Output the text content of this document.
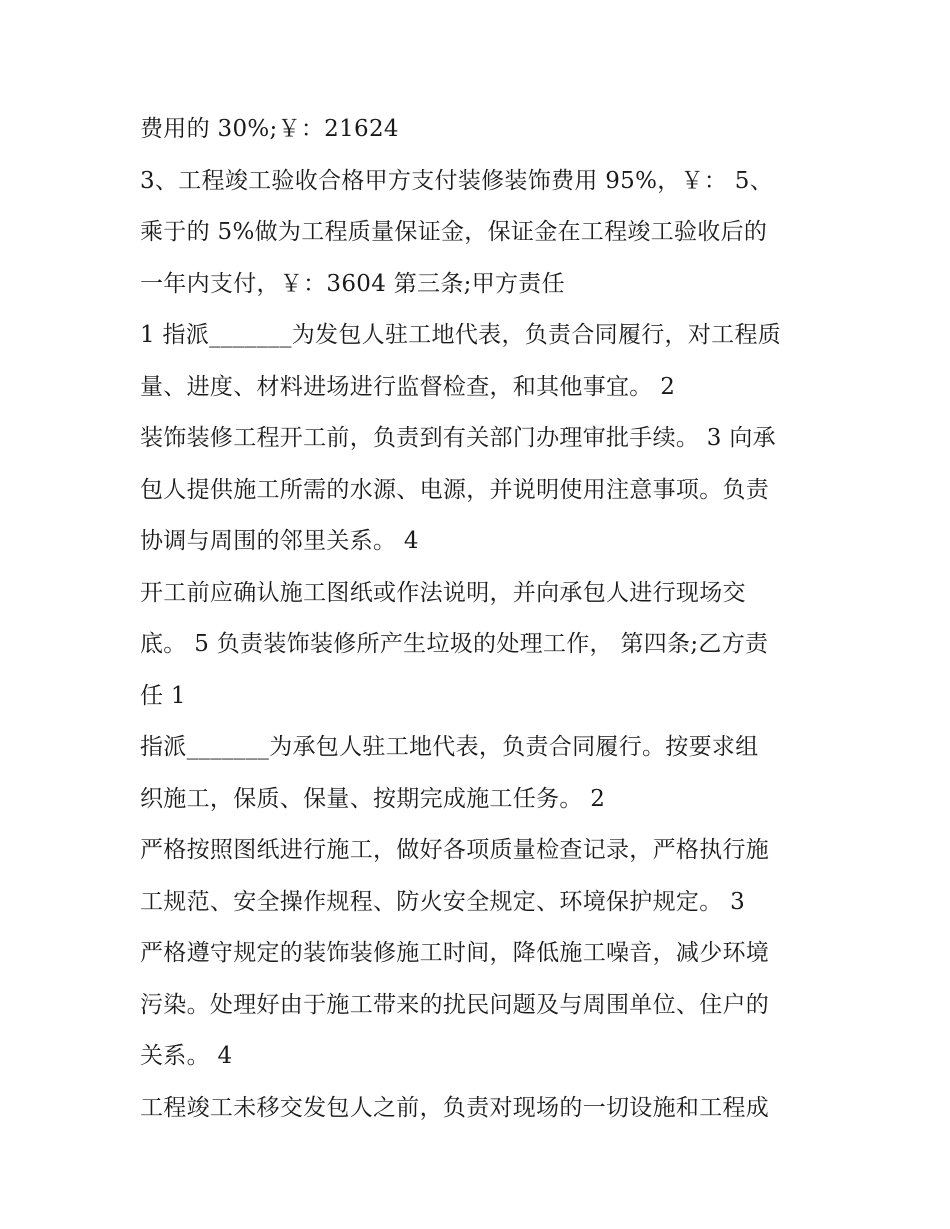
费用的 30%;￥：21624
3、工程竣工验收合格甲方支付装修装饰费用 95%，￥： 5、
乘于的 5%做为工程质量保证金，保证金在工程竣工验收后的
一年内支付，￥：3604 第三条;甲方责任
1 指派_______为发包人驻工地代表，负责合同履行，对工程质
量、进度、材料进场进行监督检查，和其他事宜。 2
装饰装修工程开工前，负责到有关部门办理审批手续。 3 向承
包人提供施工所需的水源、电源，并说明使用注意事项。负责
协调与周围的邻里关系。 4
开工前应确认施工图纸或作法说明，并向承包人进行现场交
底。 5 负责装饰装修所产生垃圾的处理工作， 第四条;乙方责
任 1
指派_______为承包人驻工地代表，负责合同履行。按要求组
织施工，保质、保量、按期完成施工任务。 2
严格按照图纸进行施工，做好各项质量检查记录，严格执行施
工规范、安全操作规程、防火安全规定、环境保护规定。 3
严格遵守规定的装饰装修施工时间，降低施工噪音，减少环境
污染。处理好由于施工带来的扰民问题及与周围单位、住户的
关系。 4
工程竣工未移交发包人之前，负责对现场的一切设施和工程成
